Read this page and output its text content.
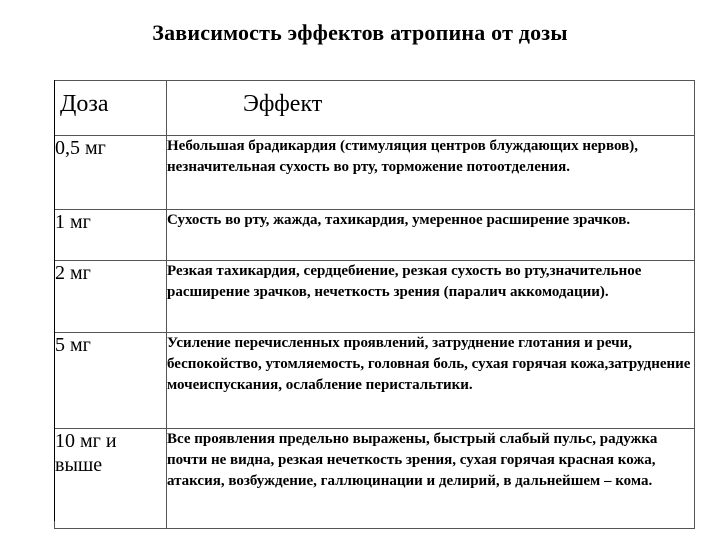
Зависимость эффектов атропина от дозы
Доза	Эффект
0,5 мг	Небольшая брадикардия (стимуляция центров блуждающих нервов), незначительная сухость во рту, торможение потоотделения.
1 мг	Сухость во рту, жажда, тахикардия, умеренное расширение зрачков.
2 мг	Резкая тахикардия, сердцебиение, резкая сухость во рту,значительное расширение зрачков, нечеткость зрения (паралич аккомодации).
5 мг	Усиление перечисленных проявлений, затруднение глотания и речи, беспокойство, утомляемость, головная боль, сухая горячая кожа,затруднение мочеиспускания, ослабление перистальтики.
10 мг и выше	Все проявления предельно выражены, быстрый слабый пульс, радужка почти не видна, резкая нечеткость зрения, сухая горячая красная кожа, атаксия, возбуждение, галлюцинации и делирий, в дальнейшем – кома.
